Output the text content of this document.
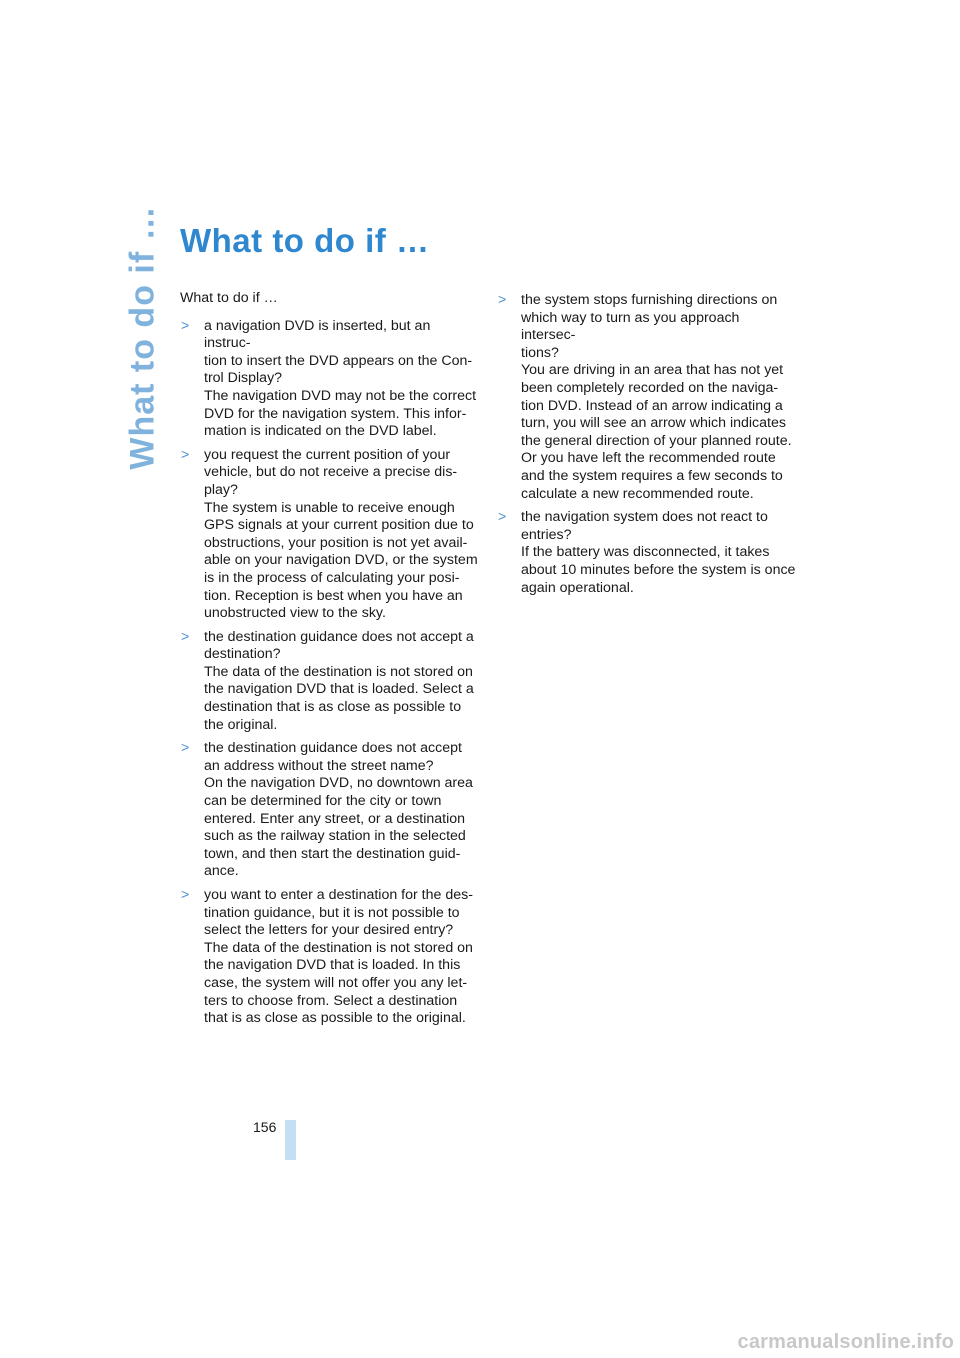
What to do if … What to do if …

What to do if …

> a navigation DVD is inserted, but an instruc-
tion to insert the DVD appears on the Con-
trol Display?
The navigation DVD may not be the correct
DVD for the navigation system. This infor-
mation is indicated on the DVD label.
> you request the current position of your
vehicle, but do not receive a precise dis-
play?
The system is unable to receive enough
GPS signals at your current position due to
obstructions, your position is not yet avail-
able on your navigation DVD, or the system
is in the process of calculating your posi-
tion. Reception is best when you have an
unobstructed view to the sky.
> the destination guidance does not accept a
destination?
The data of the destination is not stored on
the navigation DVD that is loaded. Select a
destination that is as close as possible to
the original.
> the destination guidance does not accept
an address without the street name?
On the navigation DVD, no downtown area
can be determined for the city or town
entered. Enter any street, or a destination
such as the railway station in the selected
town, and then start the destination guid-
ance.
> you want to enter a destination for the des-
tination guidance, but it is not possible to
select the letters for your desired entry?
The data of the destination is not stored on
the navigation DVD that is loaded. In this
case, the system will not offer you any let-
ters to choose from. Select a destination
that is as close as possible to the original.
> the system stops furnishing directions on
which way to turn as you approach intersec-
tions?
You are driving in an area that has not yet
been completely recorded on the naviga-
tion DVD. Instead of an arrow indicating a
turn, you will see an arrow which indicates
the general direction of your planned route.
Or you have left the recommended route
and the system requires a few seconds to
calculate a new recommended route.
> the navigation system does not react to
entries?
If the battery was disconnected, it takes
about 10 minutes before the system is once
again operational.
156
carmanualsonline.info
